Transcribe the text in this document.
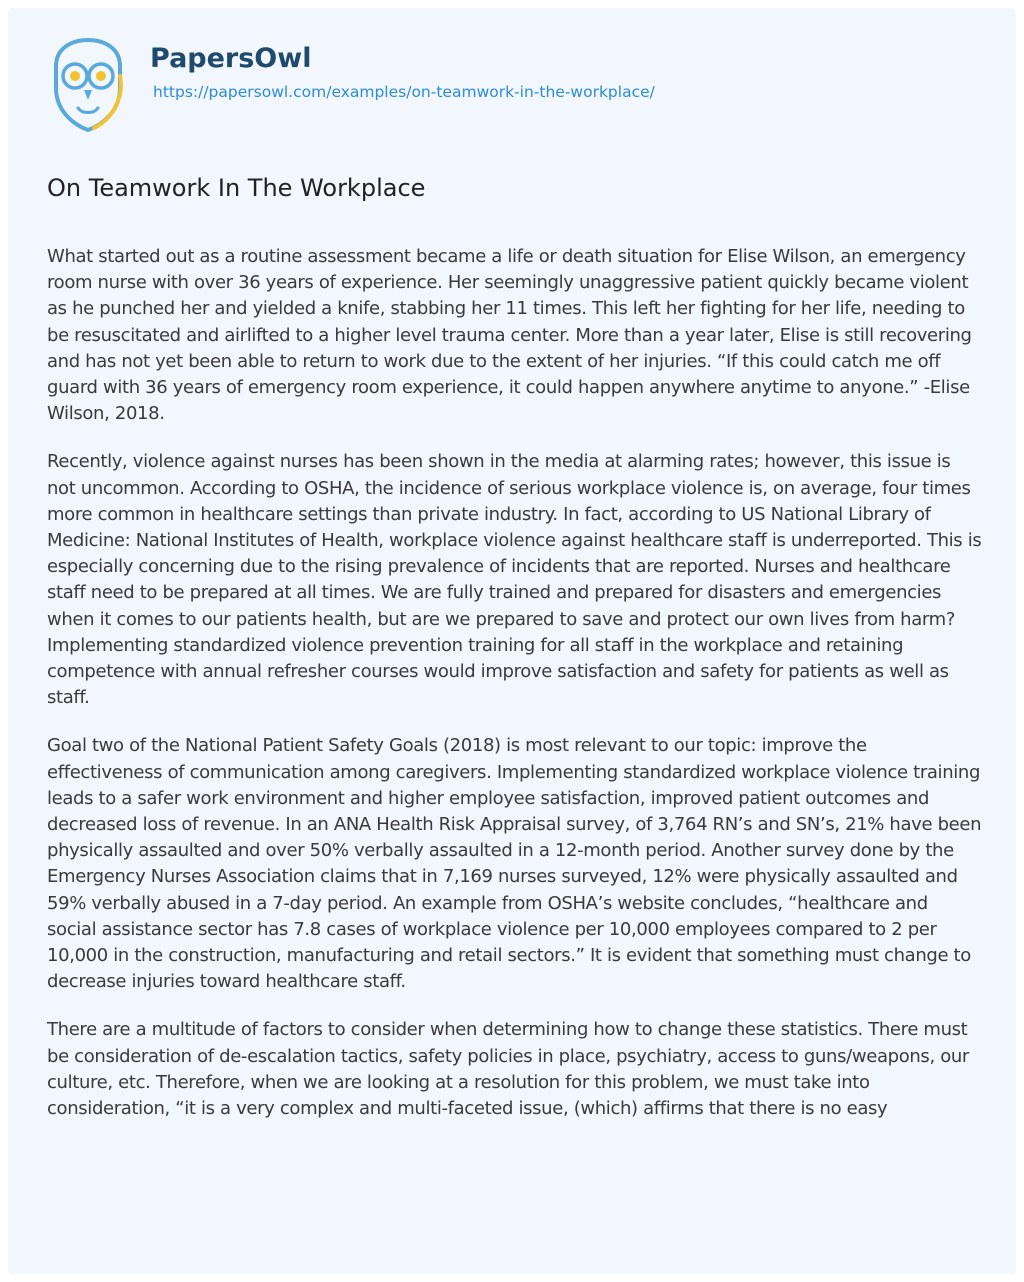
PapersOwl
https://papersowl.com/examples/on-teamwork-in-the-workplace/
On Teamwork In The Workplace

What started out as a routine assessment became a life or death situation for Elise Wilson, an emergency room nurse with over 36 years of experience. Her seemingly unaggressive patient quickly became violent as he punched her and yielded a knife, stabbing her 11 times. This left her fighting for her life, needing to be resuscitated and airlifted to a higher level trauma center. More than a year later, Elise is still recovering and has not yet been able to return to work due to the extent of her injuries. “If this could catch me off guard with 36 years of emergency room experience, it could happen anywhere anytime to anyone.” -Elise Wilson, 2018.

Recently, violence against nurses has been shown in the media at alarming rates; however, this issue is not uncommon. According to OSHA, the incidence of serious workplace violence is, on average, four times more common in healthcare settings than private industry. In fact, according to US National Library of Medicine: National Institutes of Health, workplace violence against healthcare staff is underreported. This is especially concerning due to the rising prevalence of incidents that are reported. Nurses and healthcare staff need to be prepared at all times. We are fully trained and prepared for disasters and emergencies when it comes to our patients health, but are we prepared to save and protect our own lives from harm? Implementing standardized violence prevention training for all staff in the workplace and retaining competence with annual refresher courses would improve satisfaction and safety for patients as well as staff.

Goal two of the National Patient Safety Goals (2018) is most relevant to our topic: improve the effectiveness of communication among caregivers. Implementing standardized workplace violence training leads to a safer work environment and higher employee satisfaction, improved patient outcomes and decreased loss of revenue. In an ANA Health Risk Appraisal survey, of 3,764 RN’s and SN’s, 21% have been physically assaulted and over 50% verbally assaulted in a 12-month period. Another survey done by the Emergency Nurses Association claims that in 7,169 nurses surveyed, 12% were physically assaulted and 59% verbally abused in a 7-day period. An example from OSHA’s website concludes, “healthcare and social assistance sector has 7.8 cases of workplace violence per 10,000 employees compared to 2 per 10,000 in the construction, manufacturing and retail sectors.” It is evident that something must change to decrease injuries toward healthcare staff.

There are a multitude of factors to consider when determining how to change these statistics. There must be consideration of de-escalation tactics, safety policies in place, psychiatry, access to guns/weapons, our culture, etc. Therefore, when we are looking at a resolution for this problem, we must take into consideration, “it is a very complex and multi-faceted issue, (which) affirms that there is no easy
